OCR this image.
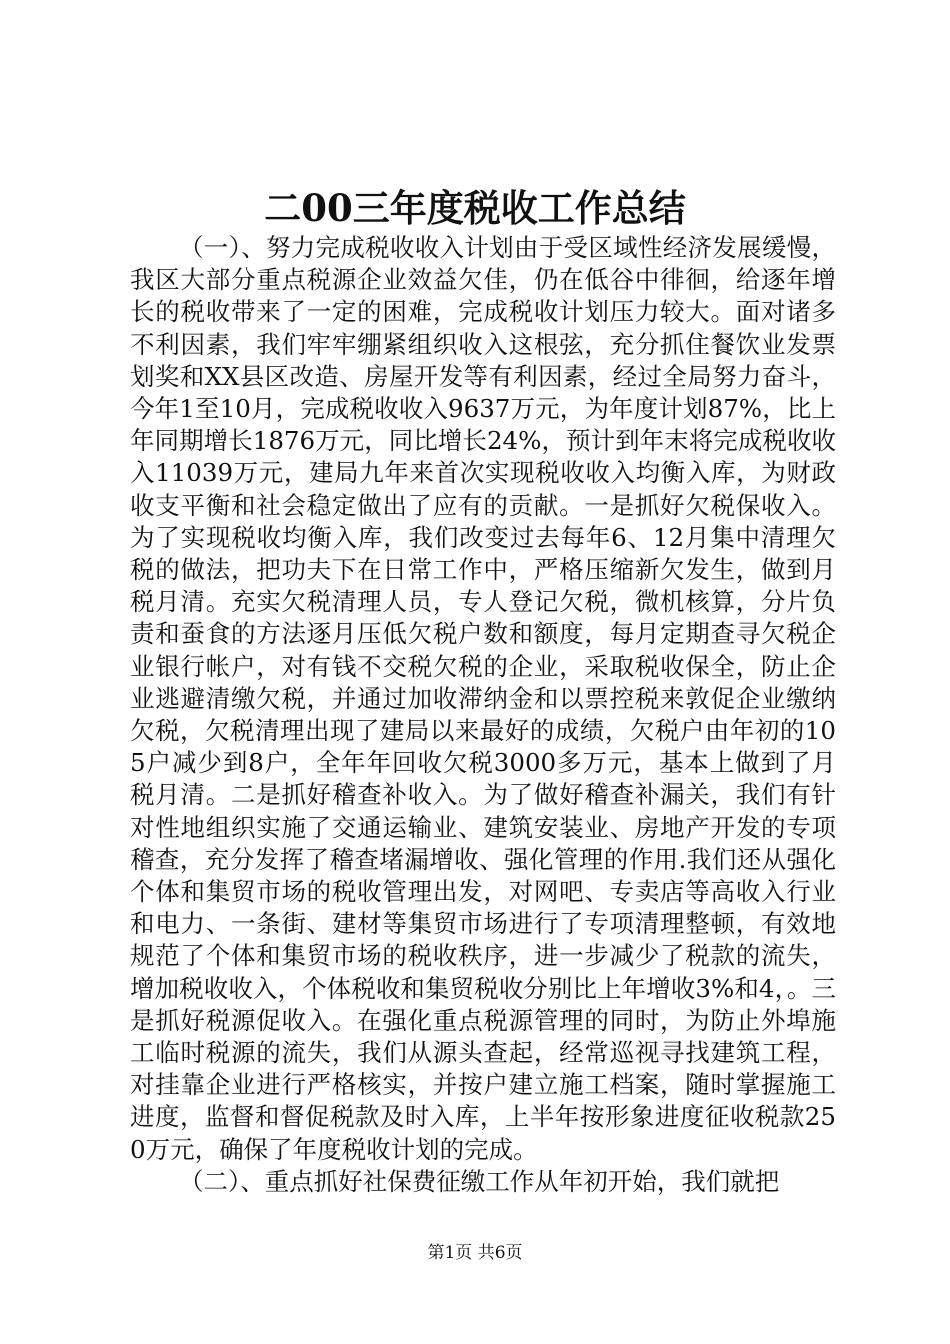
二00三年度税收工作总结

（一）、努力完成税收收入计划由于受区域性经济发展缓慢，我区大部分重点税源企业效益欠佳，仍在低谷中徘徊，给逐年增长的税收带来了一定的困难，完成税收计划压力较大。面对诸多不利因素，我们牢牢绷紧组织收入这根弦，充分抓住餐饮业发票划奖和XX县区改造、房屋开发等有利因素，经过全局努力奋斗，今年1至10月，完成税收收入9637万元，为年度计划87%，比上年同期增长1876万元，同比增长24%，预计到年末将完成税收收入11039万元，建局九年来首次实现税收收入均衡入库，为财政收支平衡和社会稳定做出了应有的贡献。一是抓好欠税保收入。为了实现税收均衡入库，我们改变过去每年6、12月集中清理欠税的做法，把功夫下在日常工作中，严格压缩新欠发生，做到月税月清。充实欠税清理人员，专人登记欠税，微机核算，分片负责和蚕食的方法逐月压低欠税户数和额度，每月定期查寻欠税企业银行帐户，对有钱不交税欠税的企业，采取税收保全，防止企业逃避清缴欠税，并通过加收滞纳金和以票控税来敦促企业缴纳欠税，欠税清理出现了建局以来最好的成绩，欠税户由年初的105户减少到8户，全年年回收欠税3000多万元，基本上做到了月税月清。二是抓好稽查补收入。为了做好稽查补漏关，我们有针对性地组织实施了交通运输业、建筑安装业、房地产开发的专项稽查，充分发挥了稽查堵漏增收、强化管理的作用.我们还从强化个体和集贸市场的税收管理出发，对网吧、专卖店等高收入行业和电力、一条街、建材等集贸市场进行了专项清理整顿，有效地规范了个体和集贸市场的税收秩序，进一步减少了税款的流失，增加税收收入，个体税收和集贸税收分别比上年增收3%和4，。三是抓好税源促收入。在强化重点税源管理的同时，为防止外埠施工临时税源的流失，我们从源头查起，经常巡视寻找建筑工程，对挂靠企业进行严格核实，并按户建立施工档案，随时掌握施工进度，监督和督促税款及时入库，上半年按形象进度征收税款250万元，确保了年度税收计划的完成。

（二）、重点抓好社保费征缴工作从年初开始，我们就把

第1页 共6页
